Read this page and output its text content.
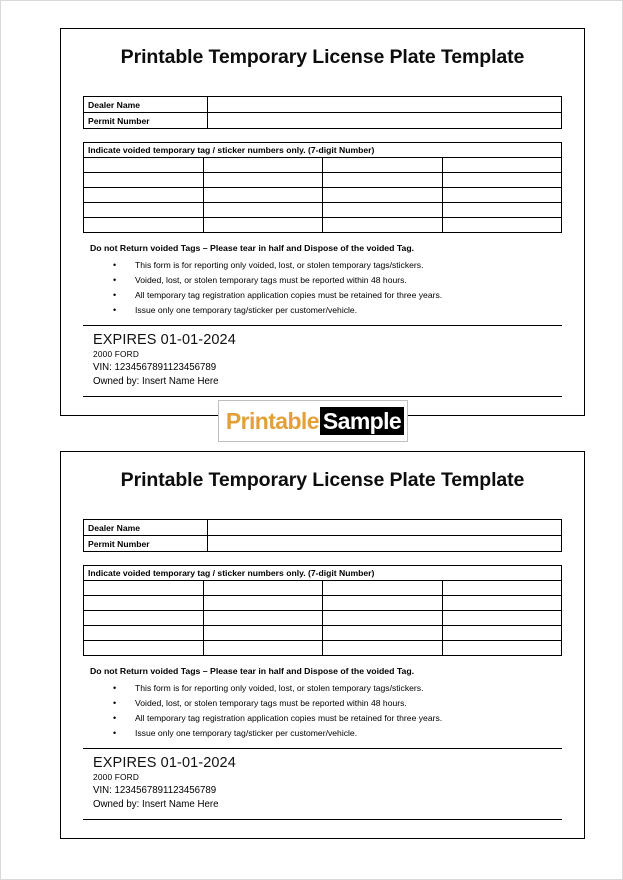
Printable Temporary License Plate Template
Dealer Name	
Permit Number	
Indicate voided temporary tag / sticker numbers only. (7-digit Number)			

Do not Return voided Tags – Please tear in half and Dispose of the voided Tag.
• This form is for reporting only voided, lost, or stolen temporary tags/stickers.
• Voided, lost, or stolen temporary tags must be reported within 48 hours.
• All temporary tag registration application copies must be retained for three years.
• Issue only one temporary tag/sticker per customer/vehicle.
EXPIRES 01-01-2024
2000 FORD
VIN: 1234567891123456789
Owned by: Insert Name Here
Printable Temporary License Plate Template
Dealer Name	
Permit Number	
Indicate voided temporary tag / sticker numbers only. (7-digit Number)			

Do not Return voided Tags – Please tear in half and Dispose of the voided Tag.
• This form is for reporting only voided, lost, or stolen temporary tags/stickers.
• Voided, lost, or stolen temporary tags must be reported within 48 hours.
• All temporary tag registration application copies must be retained for three years.
• Issue only one temporary tag/sticker per customer/vehicle.
EXPIRES 01-01-2024
2000 FORD
VIN: 1234567891123456789
Owned by: Insert Name Here
Printable Sample
